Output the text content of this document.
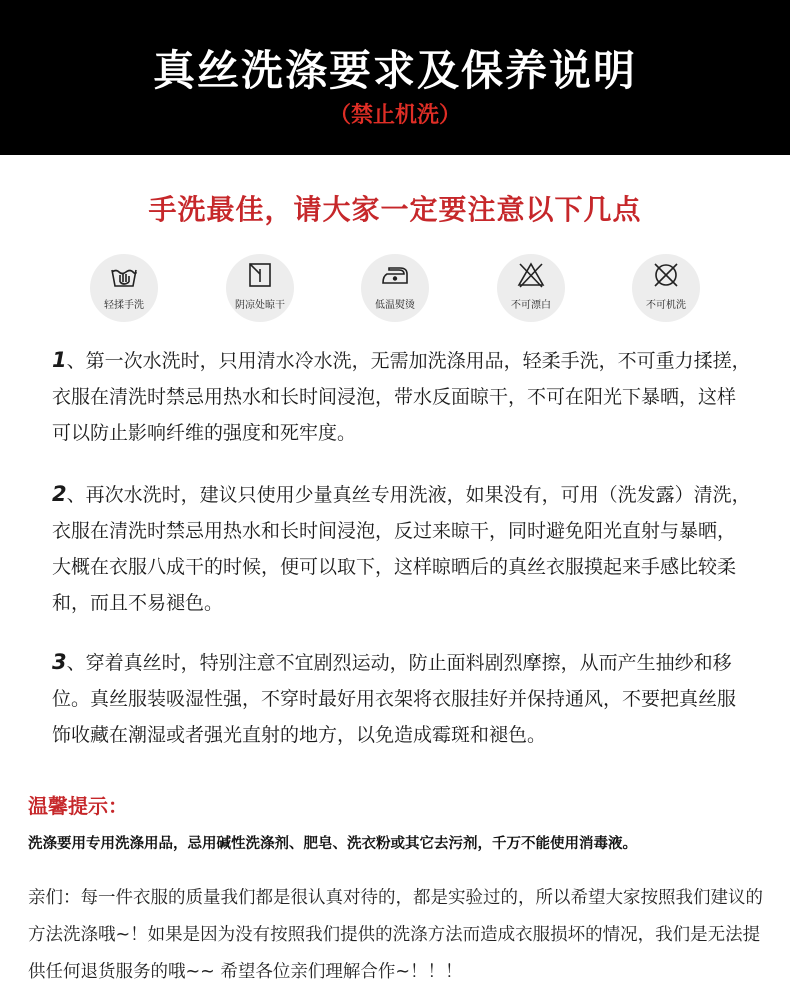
真丝洗涤要求及保养说明
（禁止机洗）
手洗最佳，请大家一定要注意以下几点
轻揉手洗	阴凉处晾干	低温熨烫	不可漂白	不可机洗
1、第一次水洗时，只用清水冷水洗，无需加洗涤用品，轻柔手洗，不可重力揉搓，衣服在清洗时禁忌用热水和长时间浸泡，带水反面晾干，不可在阳光下暴晒，这样可以防止影响纤维的强度和死牢度。
2、再次水洗时，建议只使用少量真丝专用洗液，如果没有，可用（洗发露）清洗，衣服在清洗时禁忌用热水和长时间浸泡，反过来晾干，同时避免阳光直射与暴晒，大概在衣服八成干的时候，便可以取下，这样晾晒后的真丝衣服摸起来手感比较柔和，而且不易褪色。
3、穿着真丝时，特别注意不宜剧烈运动，防止面料剧烈摩擦，从而产生抽纱和移位。真丝服装吸湿性强，不穿时最好用衣架将衣服挂好并保持通风，不要把真丝服饰收藏在潮湿或者强光直射的地方，以免造成霉斑和褪色。
温馨提示：
洗涤要用专用洗涤用品，忌用碱性洗涤剂、肥皂、洗衣粉或其它去污剂，千万不能使用消毒液。
亲们：每一件衣服的质量我们都是很认真对待的，都是实验过的，所以希望大家按照我们建议的方法洗涤哦~！如果是因为没有按照我们提供的洗涤方法而造成衣服损坏的情况，我们是无法提供任何退货服务的哦~~ 希望各位亲们理解合作~！！！
